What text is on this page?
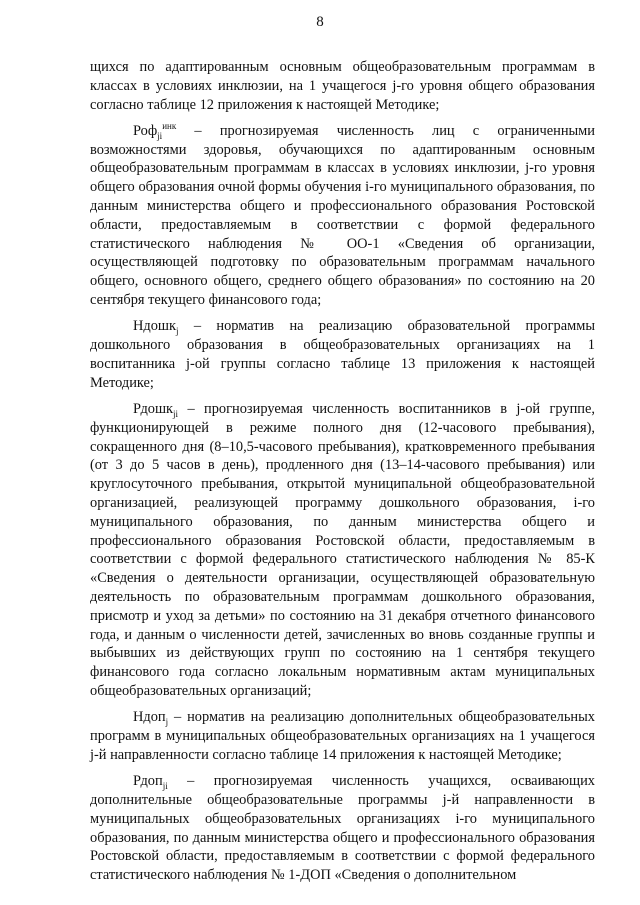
8

щихся по адаптированным основным общеобразовательным программам в классах в условиях инклюзии, на 1 учащегося j-го уровня общего образования согласно таблице 12 приложения к настоящей Методике;

Роф$_{ji}^{инк}$ – прогнозируемая численность лиц с ограниченными возможностями здоровья, обучающихся по адаптированным основным общеобразовательным программам в классах в условиях инклюзии, j-го уровня общего образования очной формы обучения i-го муниципального образования, по данным министерства общего и профессионального образования Ростовской области, предоставляемым в соответствии с формой федерального статистического наблюдения № ОО-1 «Сведения об организации, осуществляющей подготовку по образовательным программам начального общего, основного общего, среднего общего образования» по состоянию на 20 сентября текущего финансового года;

Ндошк$_j$ – норматив на реализацию образовательной программы дошкольного образования в общеобразовательных организациях на 1 воспитанника j-ой группы согласно таблице 13 приложения к настоящей Методике;

Рдошк$_{ji}$ – прогнозируемая численность воспитанников в j-ой группе, функционирующей в режиме полного дня (12-часового пребывания), сокращенного дня (8–10,5-часового пребывания), кратковременного пребывания (от 3 до 5 часов в день), продленного дня (13–14-часового пребывания) или круглосуточного пребывания, открытой муниципальной общеобразовательной организацией, реализующей программу дошкольного образования, i-го муниципального образования, по данным министерства общего и профессионального образования Ростовской области, предоставляемым в соответствии с формой федерального статистического наблюдения № 85-К «Сведения о деятельности организации, осуществляющей образовательную деятельность по образовательным программам дошкольного образования, присмотр и уход за детьми» по состоянию на 31 декабря отчетного финансового года, и данным о численности детей, зачисленных во вновь созданные группы и выбывших из действующих групп по состоянию на 1 сентября текущего финансового года согласно локальным нормативным актам муниципальных общеобразовательных организаций;

Ндоп$_j$ – норматив на реализацию дополнительных общеобразовательных программ в муниципальных общеобразовательных организациях на 1 учащегося j-й направленности согласно таблице 14 приложения к настоящей Методике;

Рдоп$_{ji}$ – прогнозируемая численность учащихся, осваивающих дополнительные общеобразовательные программы j-й направленности в муниципальных общеобразовательных организациях i-го муниципального образования, по данным министерства общего и профессионального образования Ростовской области, предоставляемым в соответствии с формой федерального статистического наблюдения № 1-ДОП «Сведения о дополнительном
